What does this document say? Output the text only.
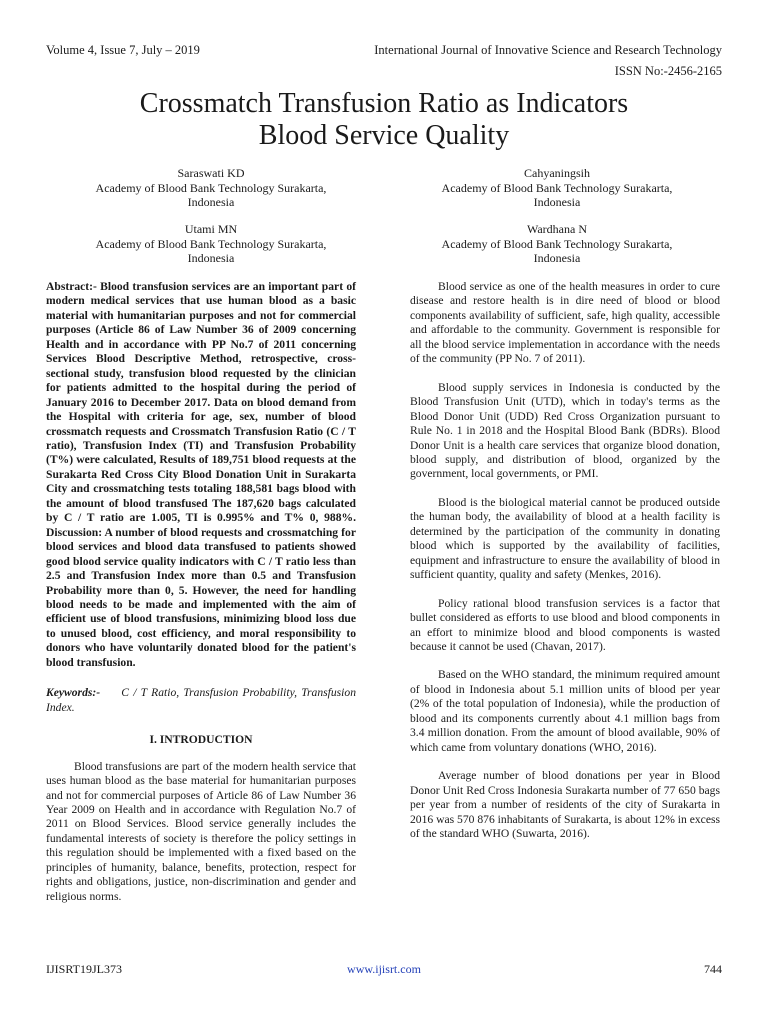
Volume 4, Issue 7, July – 2019	International Journal of Innovative Science and Research Technology
ISSN No:-2456-2165
Crossmatch Transfusion Ratio as Indicators
Blood Service Quality
Saraswati KD
Academy of Blood Bank Technology Surakarta,
Indonesia
Cahyaningsih
Academy of Blood Bank Technology Surakarta,
Indonesia
Utami MN
Academy of Blood Bank Technology Surakarta,
Indonesia
Wardhana N
Academy of Blood Bank Technology Surakarta,
Indonesia

Abstract:- Blood transfusion services are an important part of modern medical services that use human blood as a basic material with humanitarian purposes and not for commercial purposes (Article 86 of Law Number 36 of 2009 concerning Health and in accordance with PP No.7 of 2011 concerning Services Blood Descriptive Method, retrospective, cross-sectional study, transfusion blood requested by the clinician for patients admitted to the hospital during the period of January 2016 to December 2017. Data on blood demand from the Hospital with criteria for age, sex, number of blood crossmatch requests and Crossmatch Transfusion Ratio (C / T ratio), Transfusion Index (TI) and Transfusion Probability (T%) were calculated, Results of 189,751 blood requests at the Surakarta Red Cross City Blood Donation Unit in Surakarta City and crossmatching tests totaling 188,581 bags blood with the amount of blood transfused The 187,620 bags calculated by C / T ratio are 1.005, TI is 0.995% and T% 0, 988%. Discussion: A number of blood requests and crossmatching for blood services and blood data transfused to patients showed good blood service quality indicators with C / T ratio less than 2.5 and Transfusion Index more than 0.5 and Transfusion Probability more than 0, 5. However, the need for handling blood needs to be made and implemented with the aim of efficient use of blood transfusions, minimizing blood loss due to unused blood, cost efficiency, and moral responsibility to donors who have voluntarily donated blood for the patient's blood transfusion.

Keywords:- C / T Ratio, Transfusion Probability, Transfusion Index.

I. INTRODUCTION

Blood transfusions are part of the modern health service that uses human blood as the base material for humanitarian purposes and not for commercial purposes of Article 86 of Law Number 36 Year 2009 on Health and in accordance with Regulation No.7 of 2011 on Blood Services. Blood service generally includes the fundamental interests of society is therefore the policy settings in this regulation should be implemented with a fixed based on the principles of humanity, balance, benefits, protection, respect for rights and obligations, justice, non-discrimination and gender and religious norms.

Blood service as one of the health measures in order to cure disease and restore health is in dire need of blood or blood components availability of sufficient, safe, high quality, accessible and affordable to the community. Government is responsible for all the blood service implementation in accordance with the needs of the community (PP No. 7 of 2011).

Blood supply services in Indonesia is conducted by the Blood Transfusion Unit (UTD), which in today's terms as the Blood Donor Unit (UDD) Red Cross Organization pursuant to Rule No. 1 in 2018 and the Hospital Blood Bank (BDRs). Blood Donor Unit is a health care services that organize blood donation, blood supply, and distribution of blood, organized by the government, local governments, or PMI.

Blood is the biological material cannot be produced outside the human body, the availability of blood at a health facility is determined by the participation of the community in donating blood which is supported by the availability of facilities, equipment and infrastructure to ensure the availability of blood in sufficient quantity, quality and safety (Menkes, 2016).

Policy rational blood transfusion services is a factor that bullet considered as efforts to use blood and blood components in an effort to minimize blood and blood components is wasted because it cannot be used (Chavan, 2017).

Based on the WHO standard, the minimum required amount of blood in Indonesia about 5.1 million units of blood per year (2% of the total population of Indonesia), while the production of blood and its components currently about 4.1 million bags from 3.4 million donation. From the amount of blood available, 90% of which came from voluntary donations (WHO, 2016).

Average number of blood donations per year in Blood Donor Unit Red Cross Indonesia Surakarta number of 77 650 bags per year from a number of residents of the city of Surakarta in 2016 was 570 876 inhabitants of Surakarta, is about 12% in excess of the standard WHO (Suwarta, 2016).

IJISRT19JL373	www.ijisrt.com	744
